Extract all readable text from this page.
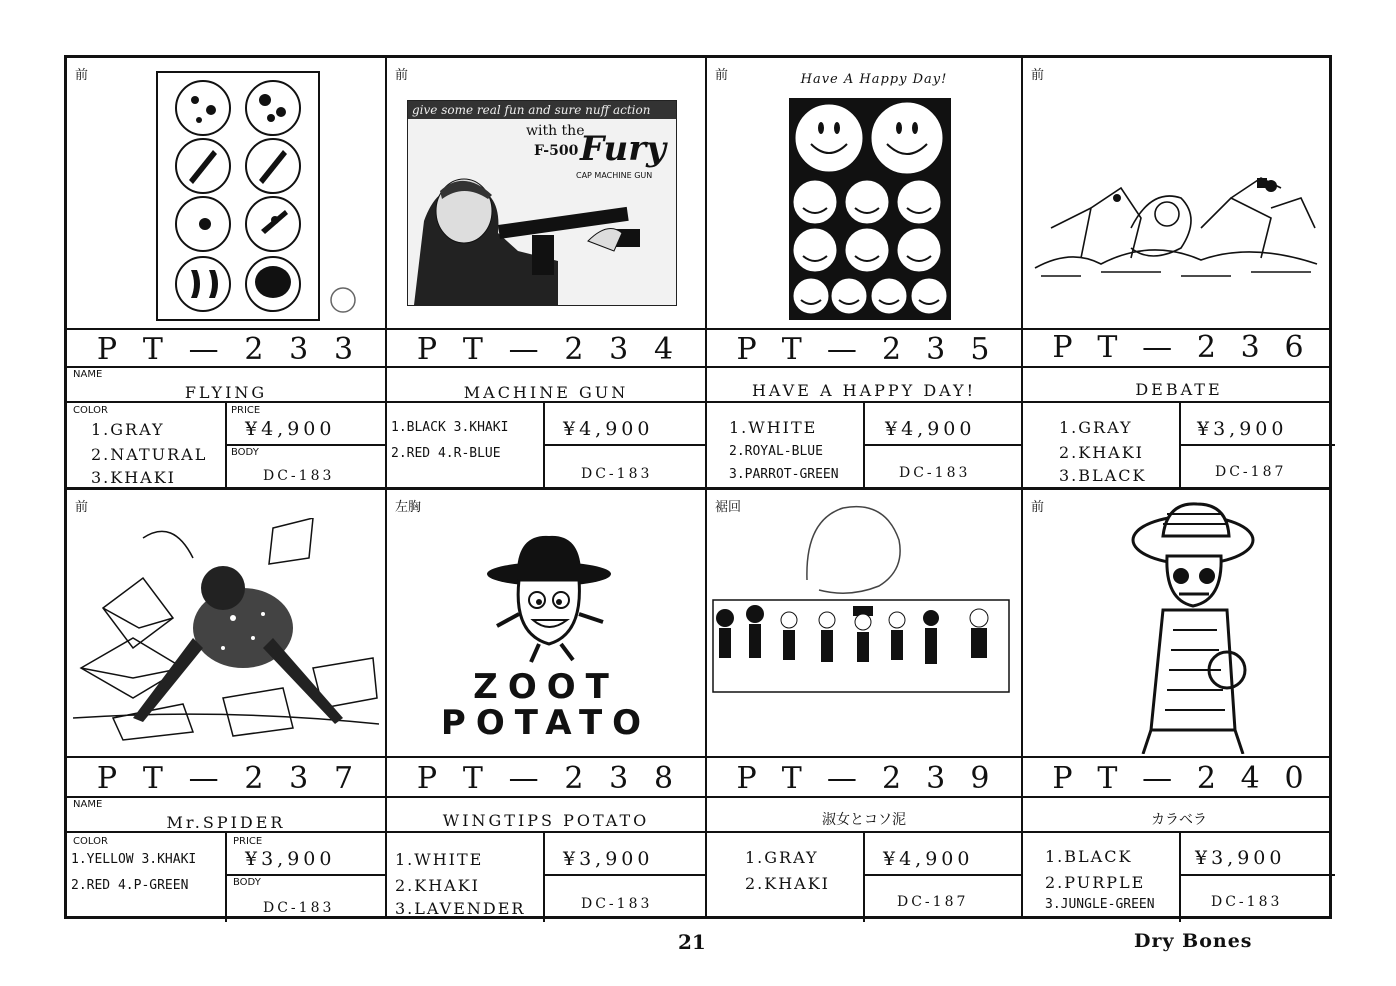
前
P T — 2 3 3
NAME
FLYING
COLOR
1.GRAY
2.NATURAL
3.KHAKI
PRICE
¥4,900
BODY
DC-183
前
give some real fun and sure nuff action
with the
F-500 Fury
CAP MACHINE GUN
P T — 2 3 4
MACHINE GUN
1.BLACK 3.KHAKI
2.RED 4.R-BLUE
¥4,900
DC-183
前	Have A Happy Day!
P T — 2 3 5
HAVE A HAPPY DAY!
1.WHITE
2.ROYAL-BLUE
3.PARROT-GREEN
¥4,900
DC-183
前
P T — 2 3 6
DEBATE
1.GRAY
2.KHAKI
3.BLACK
¥3,900
DC-187
前
P T — 2 3 7
NAME
Mr.SPIDER
COLOR
1.YELLOW 3.KHAKI
2.RED 4.P-GREEN
PRICE
¥3,900
BODY
DC-183
左胸
ZOOT
POTATO
P T — 2 3 8
WINGTIPS POTATO
1.WHITE
2.KHAKI
3.LAVENDER
¥3,900
DC-183
裾回
P T — 2 3 9
淑女とコソ泥
1.GRAY
2.KHAKI
¥4,900
DC-187
前
P T — 2 4 0
カラベラ
1.BLACK
2.PURPLE
3.JUNGLE-GREEN
¥3,900
DC-183
21	Dry Bones
